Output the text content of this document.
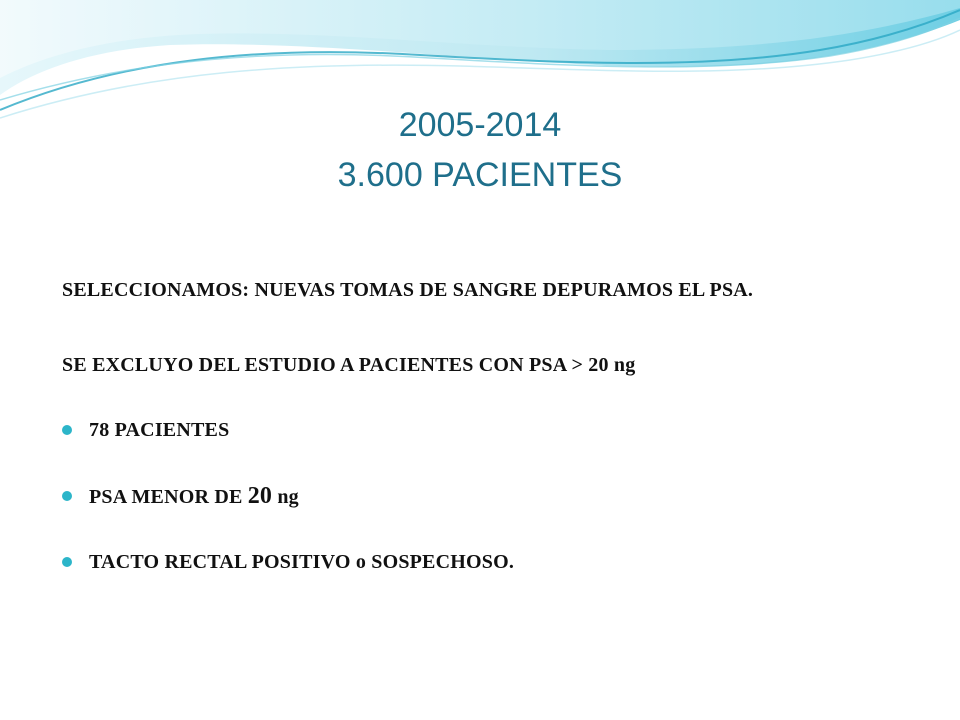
2005-2014
3.600 PACIENTES

SELECCIONAMOS: NUEVAS TOMAS DE SANGRE DEPURAMOS EL PSA.

SE EXCLUYO DEL ESTUDIO A PACIENTES CON PSA > 20 ng

78 PACIENTES
PSA MENOR DE 20 ng
TACTO RECTAL POSITIVO o SOSPECHOSO.
